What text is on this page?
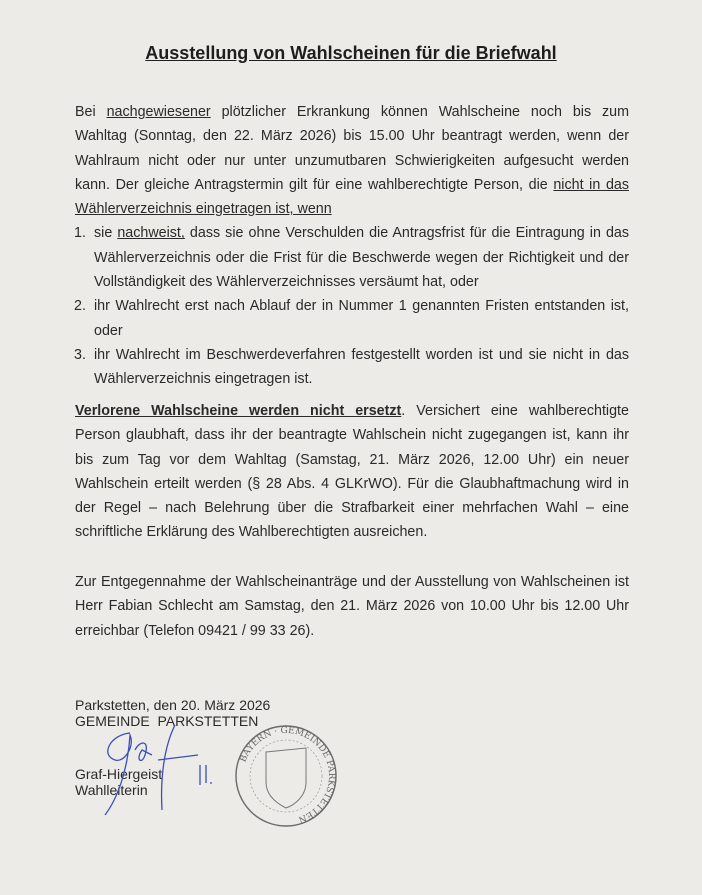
Ausstellung von Wahlscheinen für die Briefwahl
Bei nachgewiesener plötzlicher Erkrankung können Wahlscheine noch bis zum Wahltag (Sonntag, den 22. März 2026) bis 15.00 Uhr beantragt werden, wenn der Wahlraum nicht oder nur unter unzumutbaren Schwierigkeiten aufgesucht werden kann. Der gleiche Antragstermin gilt für eine wahlberechtigte Person, die nicht in das Wählerverzeichnis eingetragen ist, wenn
1. sie nachweist, dass sie ohne Verschulden die Antragsfrist für die Eintragung in das Wählerverzeichnis oder die Frist für die Beschwerde wegen der Richtigkeit und der Vollständigkeit des Wählerverzeichnisses versäumt hat, oder
2. ihr Wahlrecht erst nach Ablauf der in Nummer 1 genannten Fristen entstanden ist, oder
3. ihr Wahlrecht im Beschwerdeverfahren festgestellt worden ist und sie nicht in das Wählerverzeichnis eingetragen ist.
Verlorene Wahlscheine werden nicht ersetzt. Versichert eine wahlberechtigte Person glaubhaft, dass ihr der beantragte Wahlschein nicht zugegangen ist, kann ihr bis zum Tag vor dem Wahltag (Samstag, 21. März 2026, 12.00 Uhr) ein neuer Wahlschein erteilt werden (§ 28 Abs. 4 GLKrWO). Für die Glaubhaftmachung wird in der Regel – nach Belehrung über die Strafbarkeit einer mehrfachen Wahl – eine schriftliche Erklärung des Wahlberechtigten ausreichen.
Zur Entgegennahme der Wahlscheinanträge und der Ausstellung von Wahlscheinen ist Herr Fabian Schlecht am Samstag, den 21. März 2026 von 10.00 Uhr bis 12.00 Uhr erreichbar (Telefon 09421 / 99 33 26).
Parkstetten, den 20. März 2026
GEMEINDE  PARKSTETTEN
Graf-Hiergeist
Wahlleiterin
BAYERN · GEMEINDE PARKSTETTEN
